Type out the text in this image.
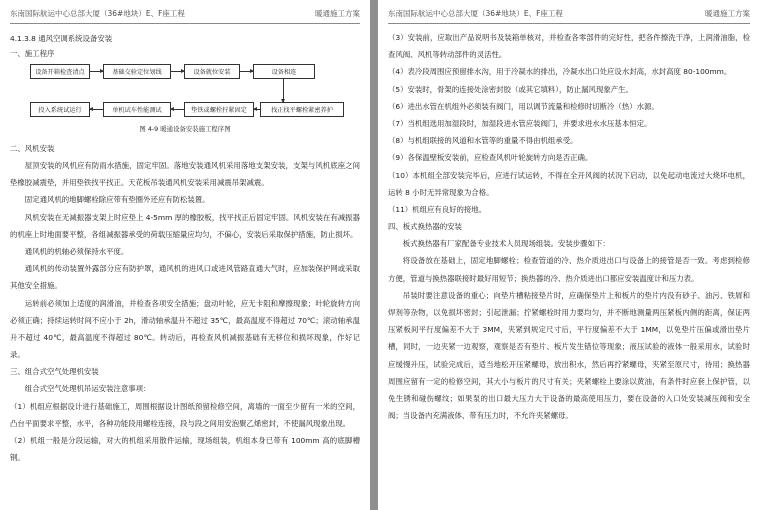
东南国际航运中心总部大厦（36#地块）E、F座工程	暖通施工方案
4.1.3.8 通风空调系统设备安装
一、施工程序
设备开箱检查清点	基础交验定位划线	设备就位安装	设备相连
投入系统试运行	单机试车性能测试	垫铁或螺栓拧紧固定	找正找平螺栓紧密养护
图 4-9 暖通设备安装施工程序图
二、风机安装

屋顶安装的风机应有防雨水措施，固定牢固。落地安装通风机采用落地支架安装，支架与风机底座之间垫橡胶减震垫，并用垫铁找平找正。天花板吊装通风机安装采用减震吊架减震。

固定通风机的地脚螺栓除应带有垫圈外还应有防松装置。

风机安装在无减振器支架上时应垫上 4-5mm 厚的橡胶板，找平找正后固定牢固。风机安装在有减振器的机座上时地面要平整，各组减振器承受的荷载压缩量应均匀，不偏心，安装后采取保护措施，防止损坏。

通风机的机轴必须保持水平度。

通风机的传动装置外露部分应有防护罩，通风机的进风口或进风管路直通大气时，应加装保护网或采取其他安全措施。

运转前必须加上适度的润滑油，并检查各项安全措施；盘动叶轮，应无卡阻和摩擦现象；叶轮旋转方向必须正确；持续运转时间不应小于 2h，滑动轴承温升不超过 35℃，最高温度不得超过 70℃；滚动轴承温升不超过 40℃，最高温度不得超过 80℃。转动后，再检查风机减振基础有无移位和损坏现象，作好记录。

三、组合式空气处理机安装

组合式空气处理机吊运安装注意事项：

（1）机组应根据设计进行基础施工，周围根据设计图纸预留检修空间，离墙的一面至少留有一米的空间，凸台平面要求平整，水平，各种功能段用螺栓连接，段与段之间用安泡聚乙烯密封，不使漏风现象出现。

（2）机组一般是分段运输，对大的机组采用散件运输，现场组装，机组本身已带有 100mm 高的底脚槽钢。

东南国际航运中心总部大厦（36#地块）E、F座工程	暖通施工方案

（3）安装前，应取出产品说明书及装箱单核对，并检查各零部件的完好性，把各件擦洗干净，上润滑油脂，检查风阀、风机等转动部件的灵活性。

（4）表冷段周围应预留排水沟，用于冷凝水的排出，冷凝水出口处应设水封高，水封高度 80-100mm。

（5）安装时，骨架的连接处涂密封胶（或其它填料），防止漏风现象产生。

（6）进出水管在机组外必须装有阀门，用以调节流量和检修时切断冷（热）水源。

（7）当机组选用加湿段时，加湿段进水管应装阀门，并要求进水水压基本恒定。

（8）与机组联接的风道和水管等的重量不得由机组承受。

（9）各保温壁板安装前，应检查风机叶轮旋转方向是否正确。

（10）本机组全部安装完毕后，应进行试运转，不得在全开风阀的状况下启动，以免起动电流过大烧坏电机，运转 8 小时无异常现象为合格。

（11）机组应有良好的接地。

四、板式换热器的安装

板式换热器有厂家配备专业技术人员现场组装。安装步骤如下：

将设备放在基础上，固定地脚螺栓；检查管道的冷、热介质进出口与设备上的接管是否一致。考虑到检修方便，管道与换热器联接时最好用短节；换热器的冷、热介质进出口都应安装温度计和压力表。

吊装时要注意设备的重心；向垫片槽粘接垫片时，应确保垫片上和板片的垫片内没有砂子、油污、铁屑和焊剂等杂物，以免损坏密封；引起泄漏；拧紧螺栓时用力要均匀，并不断地测量两压紧板内侧的距离，保证两压紧板间平行度偏差不大于 3MM，夹紧到规定尺寸后，平行度偏差不大于 1MM，以免垫片压偏或滑出垫片槽，同时，一边夹紧一边观察，观察是否有垫片、板片发生错位等现象；液压试验的液体一般采用水，试验时应缓慢升压，试验完成后，适当地松开压紧螺母，放出积水，然后再拧紧螺母，夹紧至原尺寸，待用；换热器周围应留有一定的检修空间，其大小与板片的尺寸有关；夹紧螺栓上要涂以黄油，有条件时应套上保护管，以免生锈和碰伤螺纹；如果泵的出口最大压力大于设备的最高使用压力，要在设备的入口处安装减压阀和安全阀；当设备内充满液体、带有压力时，不允许夹紧螺母。
